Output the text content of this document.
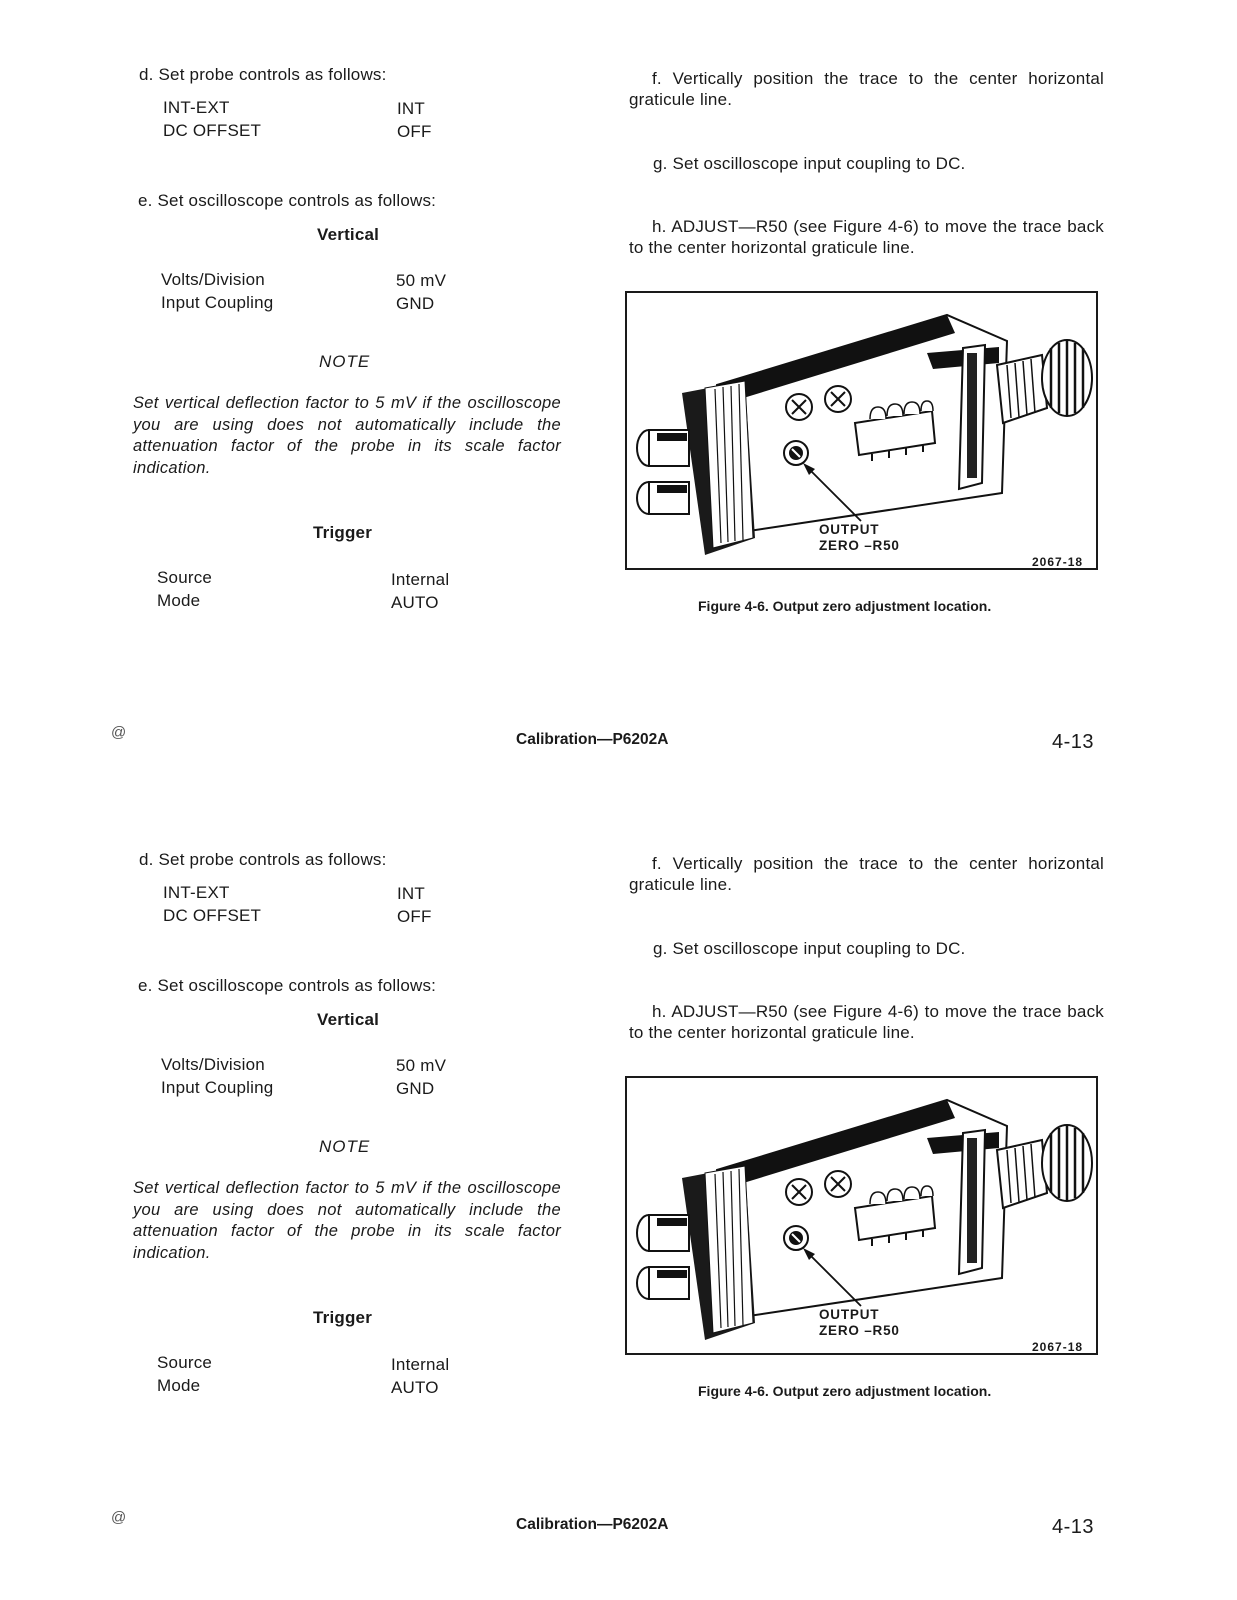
d. Set probe controls as follows:
INT-EXT	INT
DC OFFSET	OFF
e. Set oscilloscope controls as follows:
Vertical
Volts/Division	50 mV
Input Coupling	GND
NOTE
Set vertical deflection factor to 5 mV if the oscilloscope you are using does not automatically include the attenuation factor of the probe in its scale factor indication.
Trigger
Source	Internal
Mode	AUTO
f. Vertically position the trace to the center horizontal graticule line.
g. Set oscilloscope input coupling to DC.
h. ADJUST—R50 (see Figure 4-6) to move the trace back to the center horizontal graticule line.
OUTPUT
ZERO –R50
2067-18
Figure 4-6. Output zero adjustment location.
@	Calibration—P6202A	4-13
d. Set probe controls as follows:
INT-EXT	INT
DC OFFSET	OFF
e. Set oscilloscope controls as follows:
Vertical
Volts/Division	50 mV
Input Coupling	GND
NOTE
Set vertical deflection factor to 5 mV if the oscilloscope you are using does not automatically include the attenuation factor of the probe in its scale factor indication.
Trigger
Source	Internal
Mode	AUTO
f. Vertically position the trace to the center horizontal graticule line.
g. Set oscilloscope input coupling to DC.
h. ADJUST—R50 (see Figure 4-6) to move the trace back to the center horizontal graticule line.
OUTPUT
ZERO –R50
2067-18
Figure 4-6. Output zero adjustment location.
@	Calibration—P6202A	4-13
